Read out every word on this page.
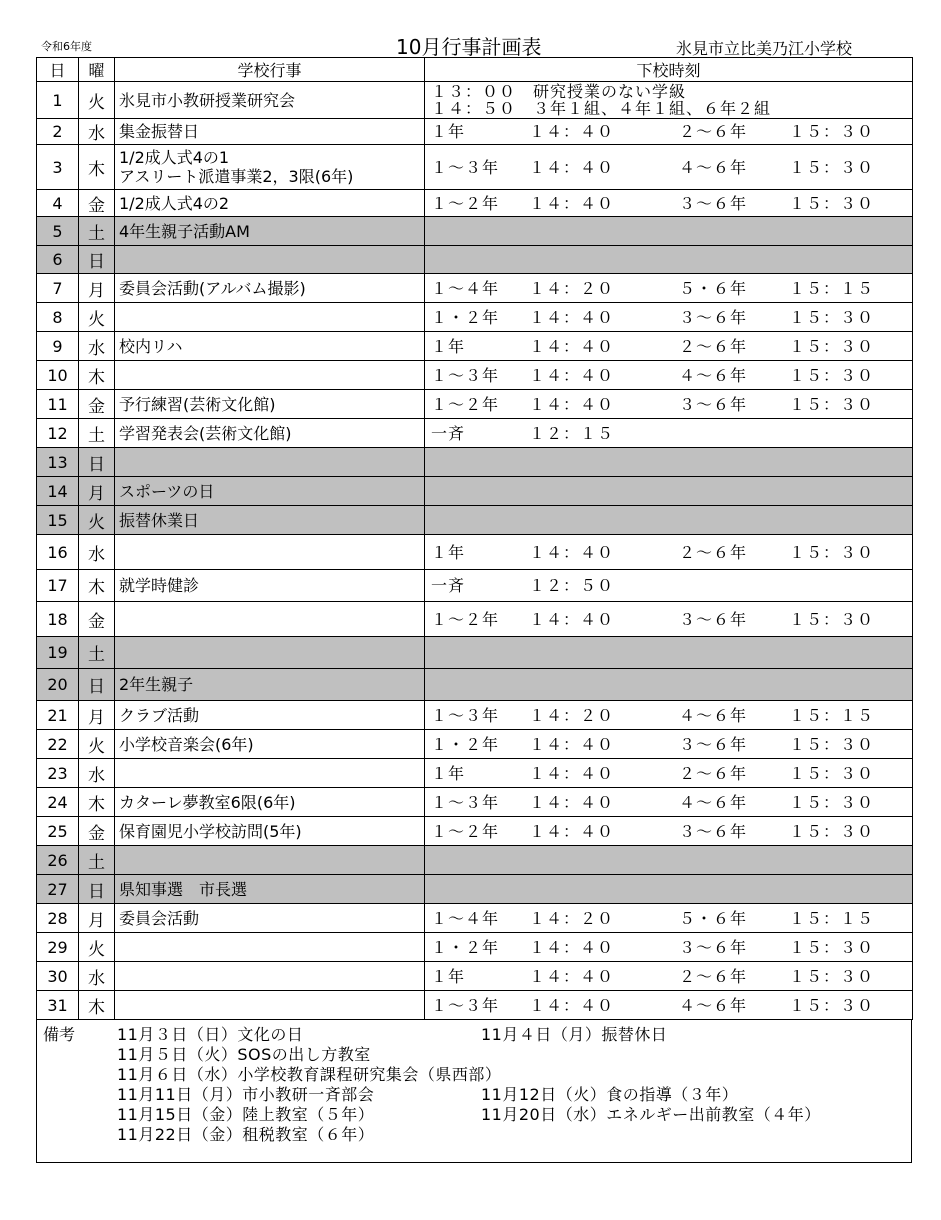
令和6年度	10月行事計画表	氷見市立比美乃江小学校
日	曜	学校行事	下校時刻
1	火	氷見市小教研授業研究会	１３：００　研究授業のない学級
１４：５０　３年１組、４年１組、６年２組

2	水	集金振替日	１年 １４：４０ ２～６年 １５：３０
3	木	1/2成人式4の1
アスリート派遣事業2，3限(6年)	１～３年 １４：４０ ４～６年 １５：３０
4	金	1/2成人式4の2	１～２年 １４：４０ ３～６年 １５：３０
5	土	4年生親子活動AM	
6	日		
7	月	委員会活動(アルバム撮影)	１～４年 １４：２０ ５・６年 １５：１５
8	火		１・２年 １４：４０ ３～６年 １５：３０
9	水	校内リハ	１年 １４：４０ ２～６年 １５：３０
10	木		１～３年 １４：４０ ４～６年 １５：３０
11	金	予行練習(芸術文化館)	１～２年 １４：４０ ３～６年 １５：３０
12	土	学習発表会(芸術文化館)	一斉 １２：１５
13	日		
14	月	スポーツの日	
15	火	振替休業日	
16	水		１年 １４：４０ ２～６年 １５：３０
17	木	就学時健診	一斉 １２：５０
18	金		１～２年 １４：４０ ３～６年 １５：３０
19	土		
20	日	2年生親子	
21	月	クラブ活動	１～３年 １４：２０ ４～６年 １５：１５
22	火	小学校音楽会(6年)	１・２年 １４：４０ ３～６年 １５：３０
23	水		１年 １４：４０ ２～６年 １５：３０
24	木	カターレ夢教室6限(6年)	１～３年 １４：４０ ４～６年 １５：３０
25	金	保育園児小学校訪問(5年)	１～２年 １４：４０ ３～６年 １５：３０
26	土		
27	日	県知事選　市長選	
28	月	委員会活動	１～４年 １４：２０ ５・６年 １５：１５
29	火		１・２年 １４：４０ ３～６年 １５：３０
30	水		１年 １４：４０ ２～６年 １５：３０
31	木		１～３年 １４：４０ ４～６年 １５：３０
備考	11月３日（日）文化の日	11月４日（月）振替休日
11月５日（火）SOSの出し方教室
11月６日（水）小学校教育課程研究集会（県西部）
11月11日（月）市小教研一斉部会	11月12日（火）食の指導（３年）
11月15日（金）陸上教室（５年）	11月20日（水）エネルギー出前教室（４年）
11月22日（金）租税教室（６年）
